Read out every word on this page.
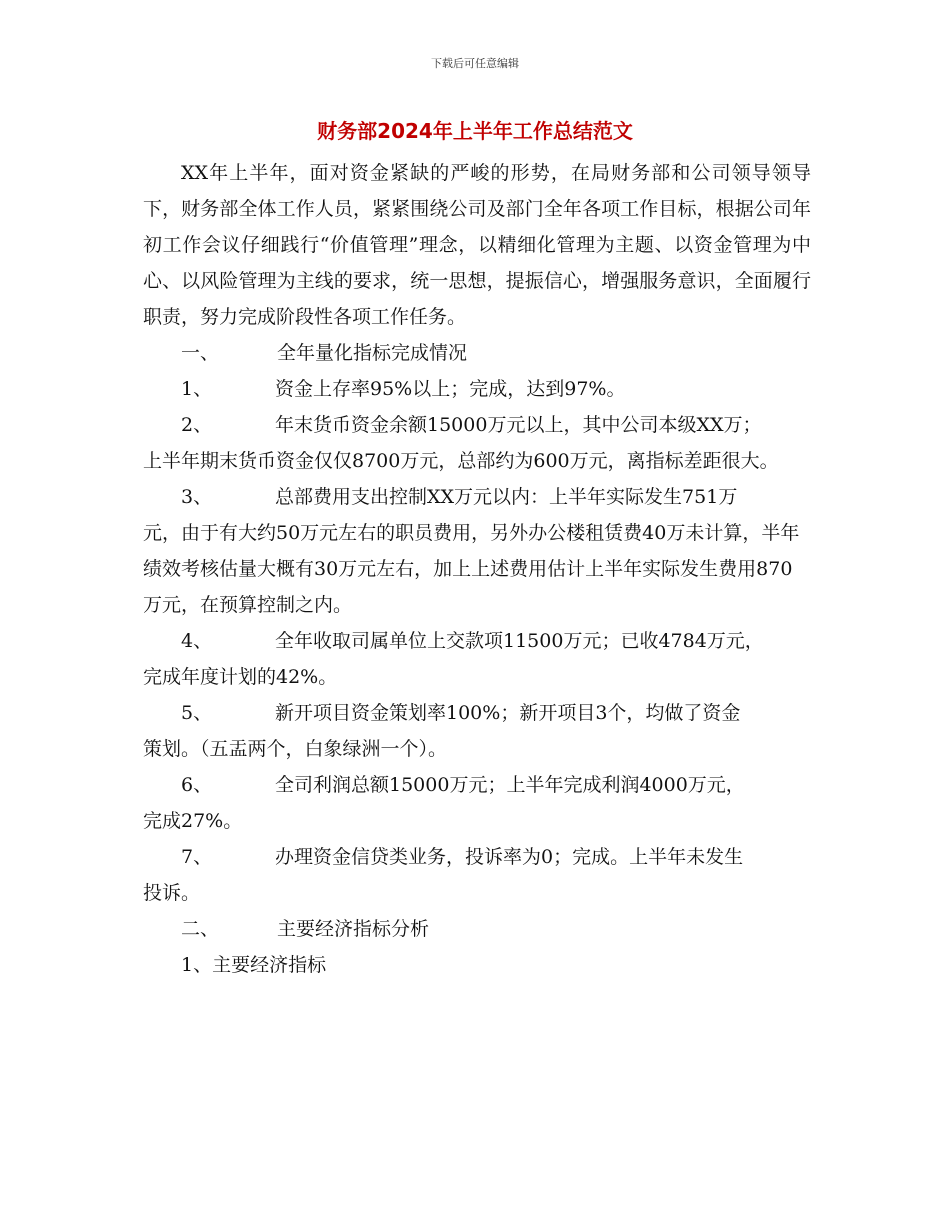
下载后可任意编辑
财务部2024年上半年工作总结范文

XX年上半年，面对资金紧缺的严峻的形势，在局财务部和公司领导领导下，财务部全体工作人员，紧紧围绕公司及部门全年各项工作目标，根据公司年初工作会议仔细践行“价值管理”理念，以精细化管理为主题、以资金管理为中心、以风险管理为主线的要求，统一思想，提振信心，增强服务意识，全面履行职责，努力完成阶段性各项工作任务。

一、	全年量化指标完成情况
1、	资金上存率95%以上；完成，达到97%。
2、	年末货币资金余额15000万元以上，其中公司本级XX万；

上半年期末货币资金仅仅8700万元，总部约为600万元，离指标差距很大。

3、	总部费用支出控制XX万元以内：上半年实际发生751万

元，由于有大约50万元左右的职员费用，另外办公楼租赁费40万未计算，半年绩效考核估量大概有30万元左右，加上上述费用估计上半年实际发生费用870万元，在预算控制之内。

4、	全年收取司属单位上交款项11500万元；已收4784万元，

完成年度计划的42%。

5、	新开项目资金策划率100%；新开项目3个，均做了资金

策划。（五盂两个，白象绿洲一个）。

6、	全司利润总额15000万元；上半年完成利润4000万元，

完成27%。

7、	办理资金信贷类业务，投诉率为0；完成。上半年未发生

投诉。

二、	主要经济指标分析

1、主要经济指标
